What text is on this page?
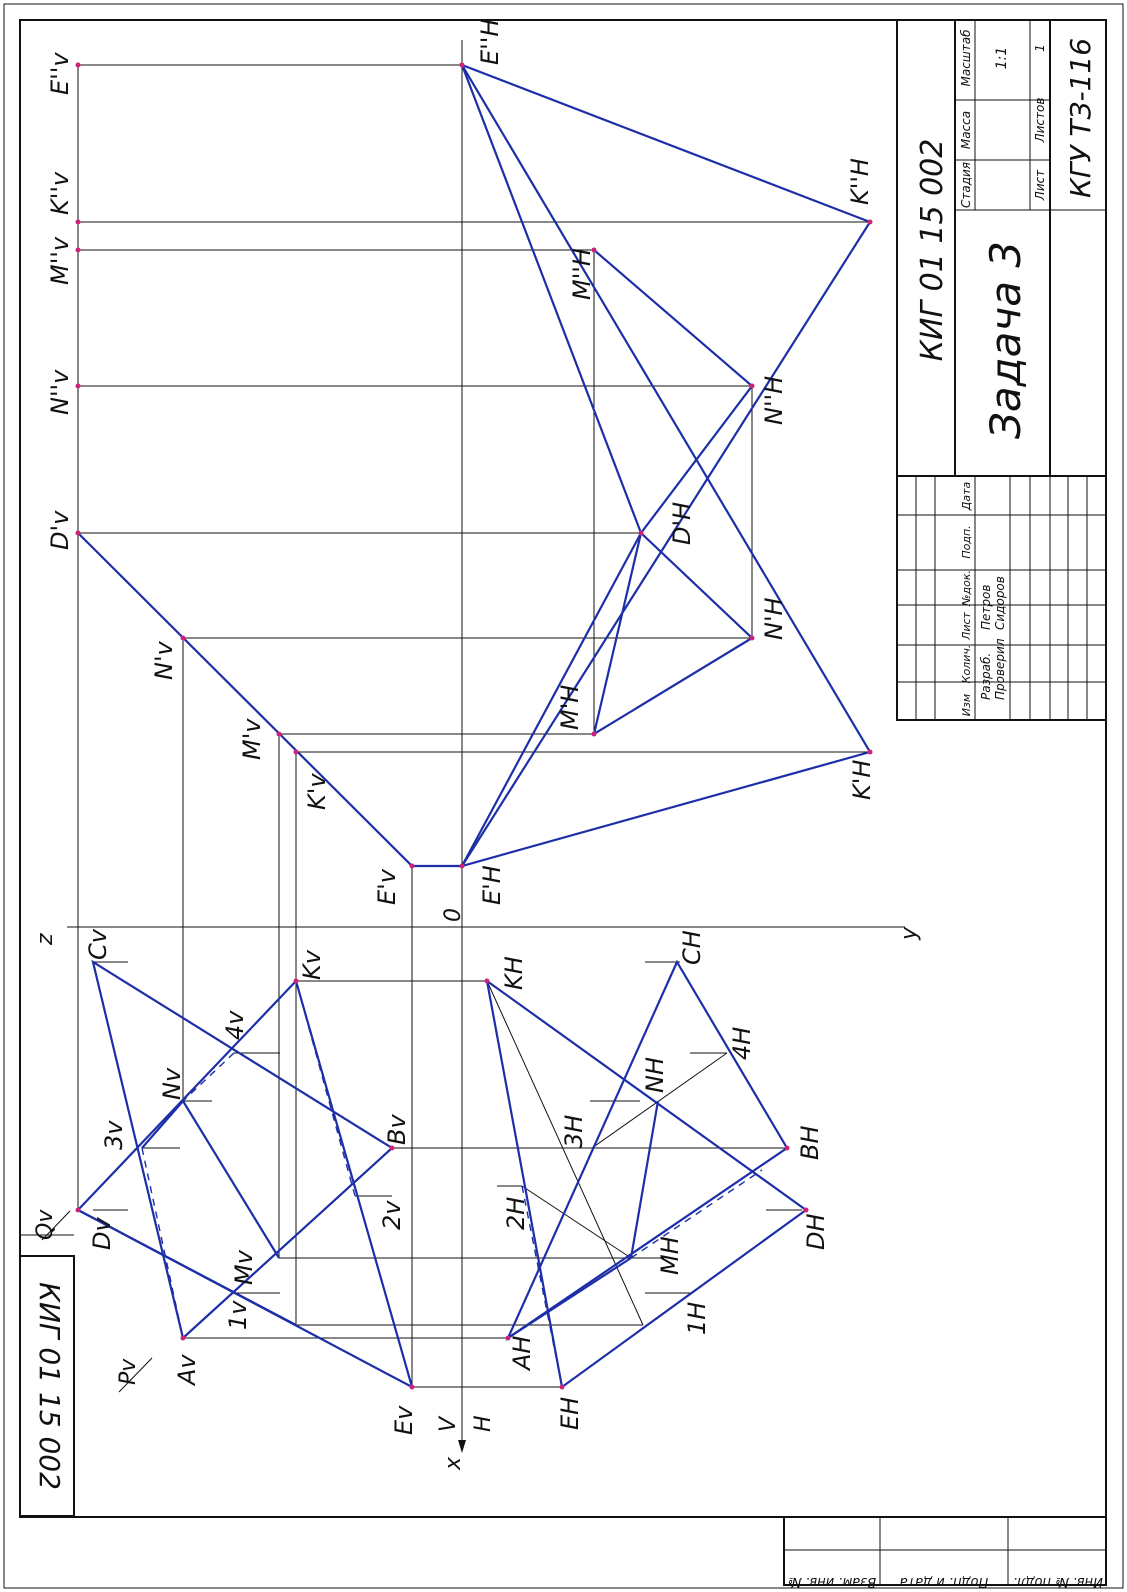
КИГ 01 15 002
Инв. № подл.
Подп. и дата
Взам. инв. №
КИГ 01 15 002 Задача 3
КГУ ТЗ-116
Стадия
Масса
Масштаб 1:1
Лист
Листов
1
Изм
Колич.
Лист
№док.
Подп.
Дата
Разраб. Проверил
Петров Сидоров
x
y
z
0
V H
Pv
Qv
Av
Bv
Cv
Dv
Ev
Kv
Mv
Nv
1v
2v
3v
4v
AH
BH
CH
DH
EH
KH
MH
NH
1H
2H
3H
4H
E'v
K'v
M'v
N'v
D'v
N''v
M''v
K''v
E''v
E'H
K'H
M'H
N'H
D'H
N''H
M''H
K''H
E''H
